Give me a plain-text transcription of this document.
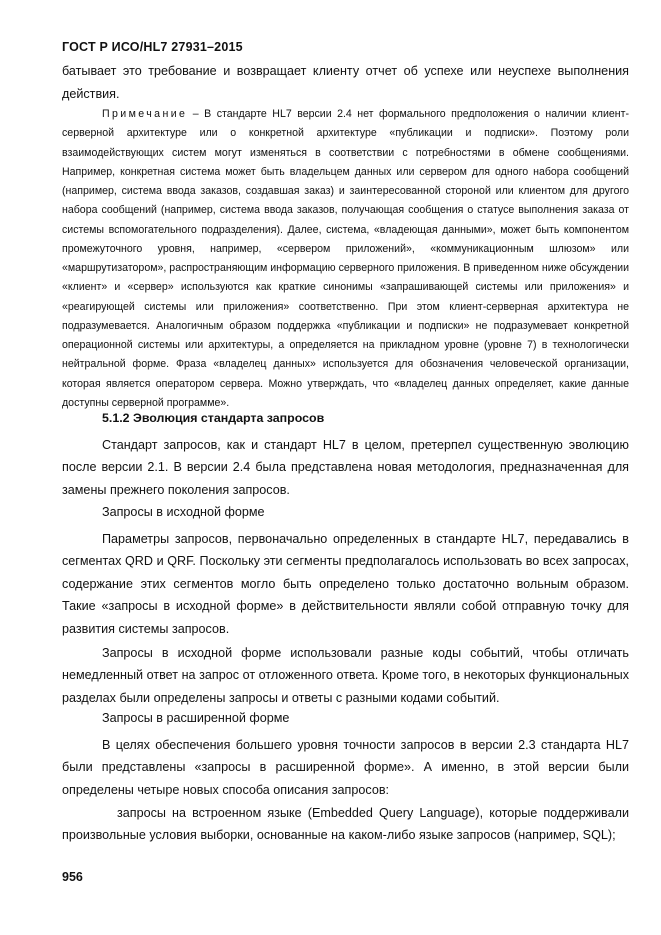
ГОСТ Р ИСО/HL7 27931–2015
батывает это требование и возвращает клиенту отчет об успехе или неуспехе выполнения действия.
Примечание – В стандарте HL7 версии 2.4 нет формального предположения о наличии клиент-серверной архитектуре или о конкретной архитектуре «публикации и подписки». Поэтому роли взаимодействующих систем могут изменяться в соответствии с потребностями в обмене сообщениями. Например, конкретная система может быть владельцем данных или сервером для одного набора сообщений (например, система ввода заказов, создавшая заказ) и заинтересованной стороной или клиентом для другого набора сообщений (например, система ввода заказов, получающая сообщения о статусе выполнения заказа от системы вспомогательного подразделения). Далее, система, «владеющая данными», может быть компонентом промежуточного уровня, например, «сервером приложений», «коммуникационным шлюзом» или «маршрутизатором», распространяющим информацию серверного приложения. В приведенном ниже обсуждении «клиент» и «сервер» используются как краткие синонимы «запрашивающей системы или приложения» и «реагирующей системы или приложения» соответственно. При этом клиент-серверная архитектура не подразумевается. Аналогичным образом поддержка «публикации и подписки» не подразумевает конкретной операционной системы или архитектуры, а определяется на прикладном уровне (уровне 7) в технологически нейтральной форме. Фраза «владелец данных» используется для обозначения человеческой организации, которая является оператором сервера. Можно утверждать, что «владелец данных определяет, какие данные доступны серверной программе».
5.1.2 Эволюция стандарта запросов
Стандарт запросов, как и стандарт HL7 в целом, претерпел существенную эволюцию после версии 2.1. В версии 2.4 была представлена новая методология, предназначенная для замены прежнего поколения запросов.
Запросы в исходной форме
Параметры запросов, первоначально определенных в стандарте HL7, передавались в сегментах QRD и QRF. Поскольку эти сегменты предполагалось использовать во всех запросах, содержание этих сегментов могло быть определено только достаточно вольным образом. Такие «запросы в исходной форме» в действительности являли собой отправную точку для развития системы запросов.
Запросы в исходной форме использовали разные коды событий, чтобы отличать немедленный ответ на запрос от отложенного ответа. Кроме того, в некоторых функциональных разделах были определены запросы и ответы с разными кодами событий.
Запросы в расширенной форме
В целях обеспечения большего уровня точности запросов в версии 2.3 стандарта HL7 были представлены «запросы в расширенной форме». А именно, в этой версии были определены четыре новых способа описания запросов:
запросы на встроенном языке (Embedded Query Language), которые поддерживали произвольные условия выборки, основанные на каком-либо языке запросов (например, SQL);
956
